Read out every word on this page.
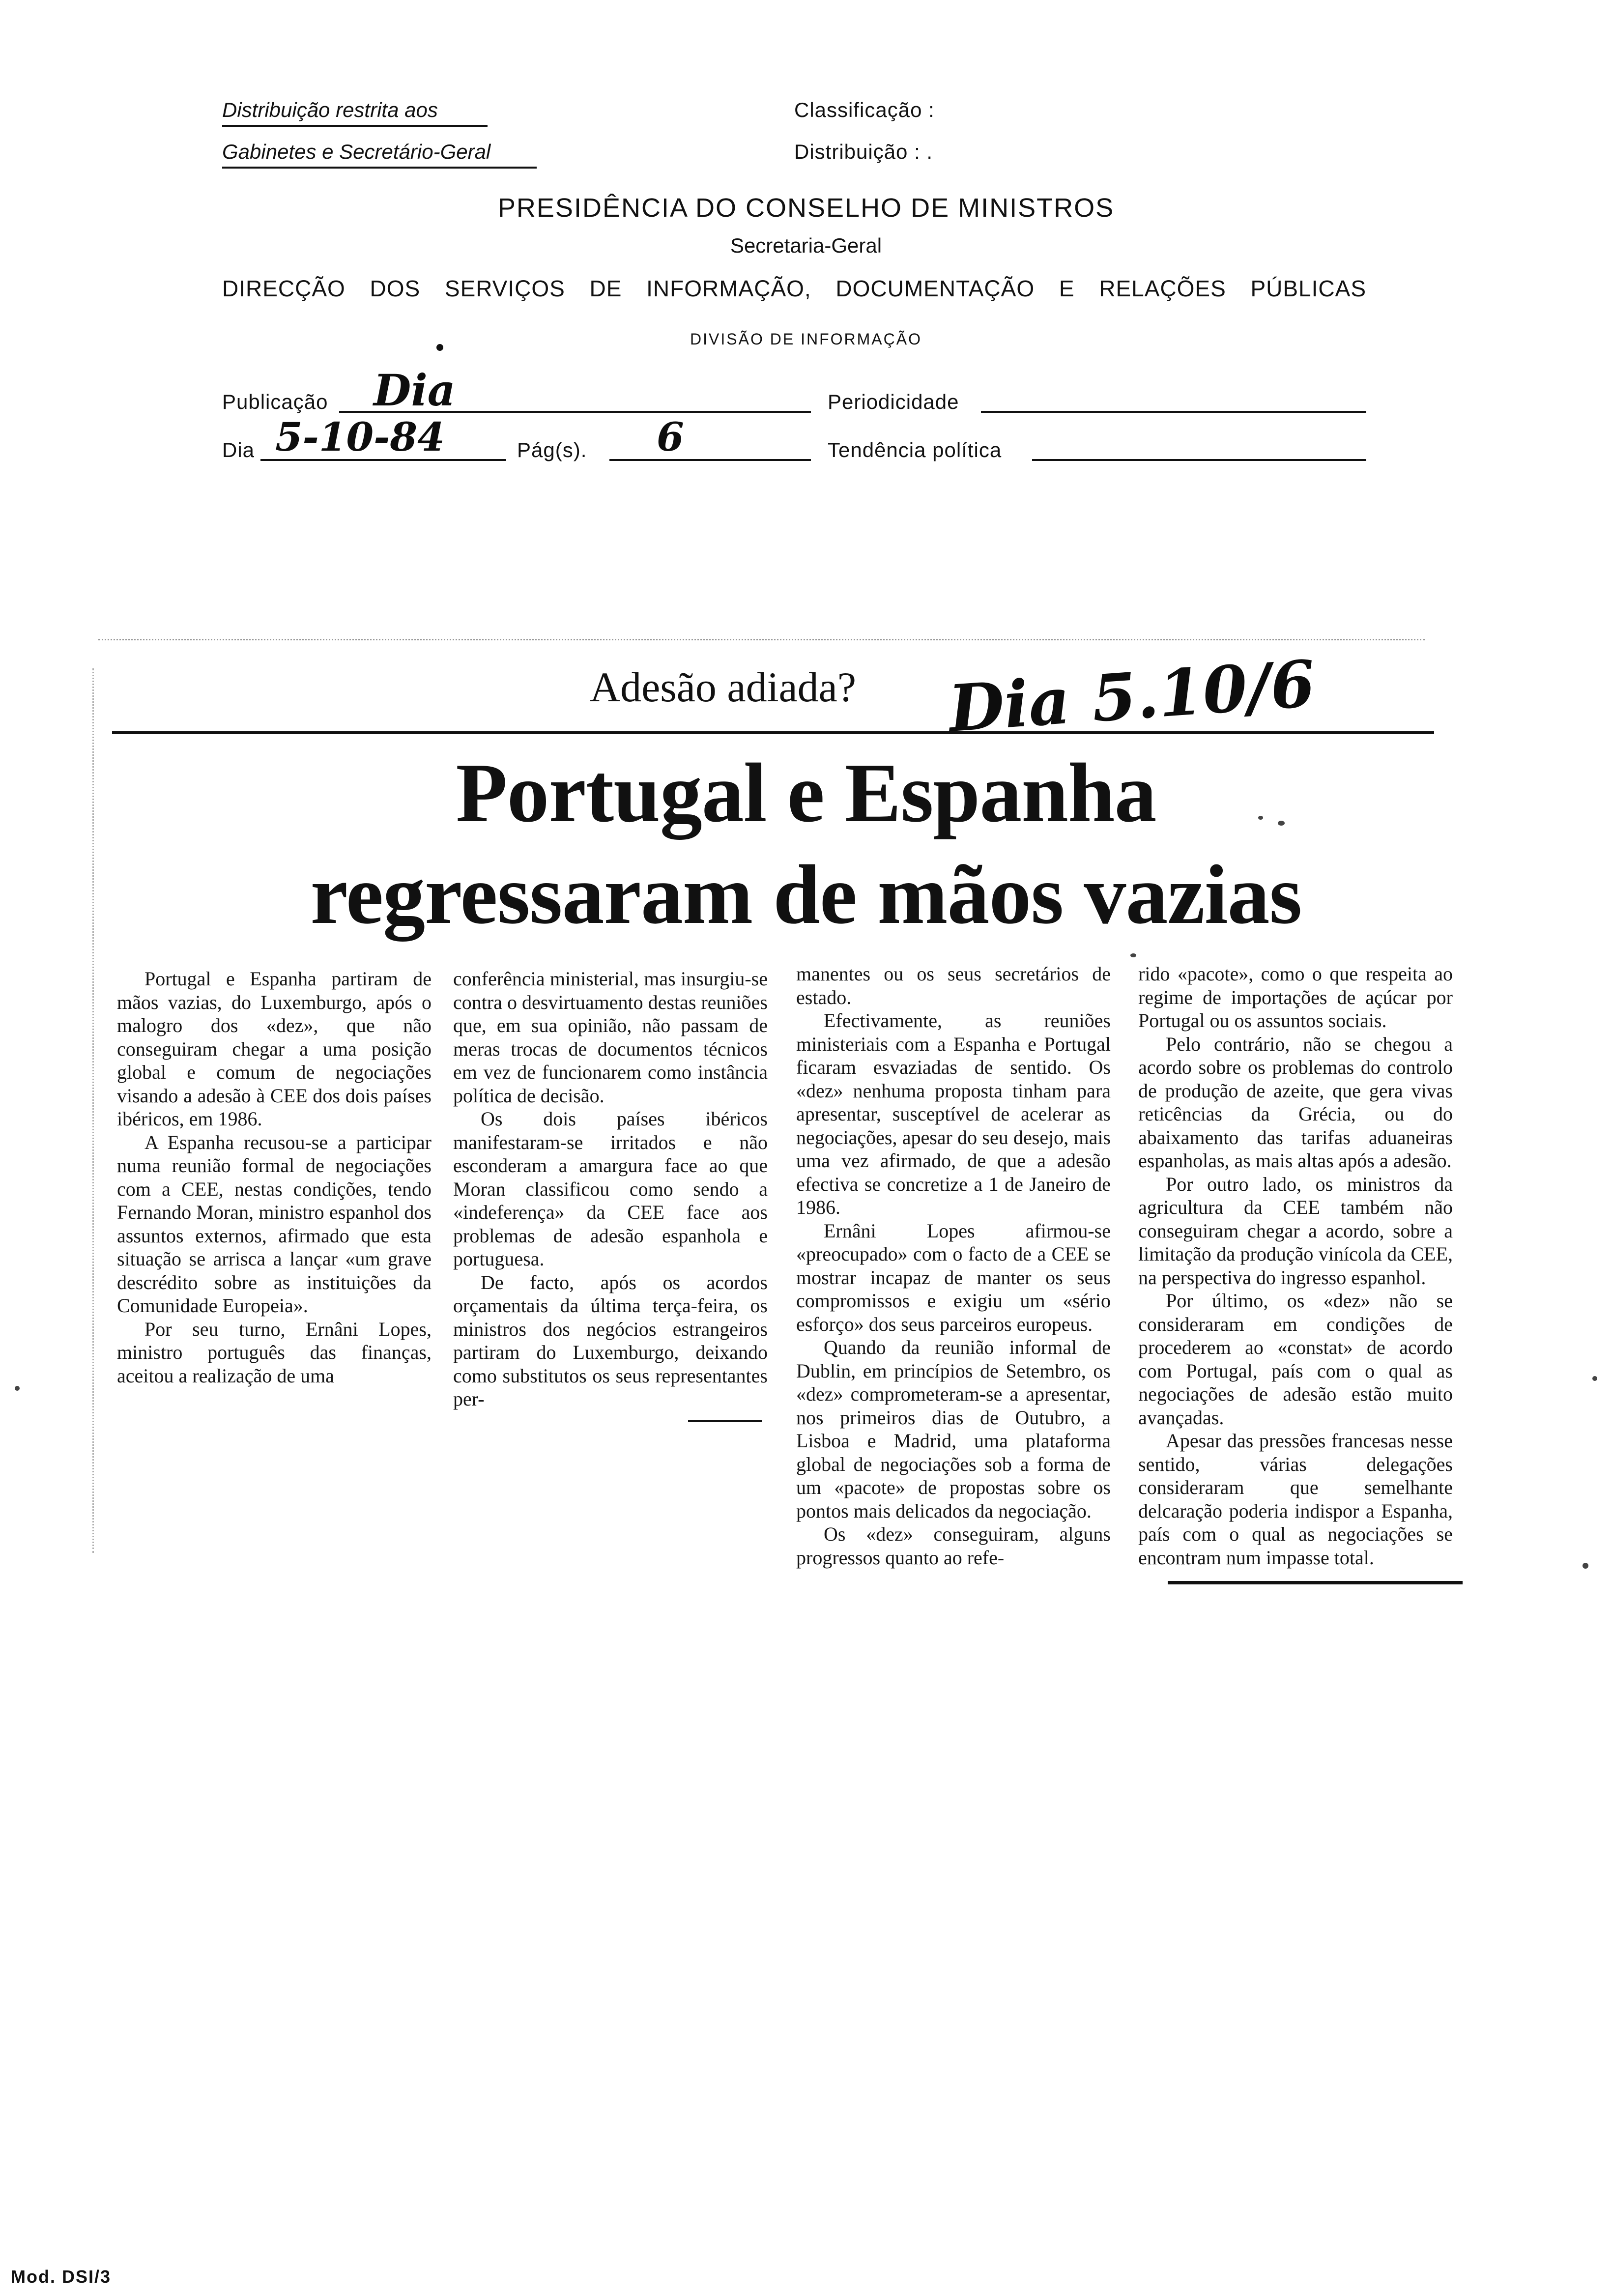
Distribuição restrita aos
Gabinetes e Secretário-Geral
Classificação :
Distribuição : .
PRESIDÊNCIA DO CONSELHO DE MINISTROS
Secretaria-Geral
DIRECÇÃO DOS SERVIÇOS DE INFORMAÇÃO, DOCUMENTAÇÃO E RELAÇÕES PÚBLICAS
DIVISÃO DE INFORMAÇÃO
Publicação Dia	Periodicidade
Dia 5-10-84	Pág(s). 6	Tendência política
Adesão adiada? Dia 5.10/6
Portugal e Espanha
regressaram de mãos vazias

Portugal e Espanha partiram de mãos vazias, do Luxemburgo, após o malogro dos «dez», que não conseguiram chegar a uma posição global e comum de negociações visando a adesão à CEE dos dois países ibéricos, em 1986.

A Espanha recusou-se a participar numa reunião formal de negociações com a CEE, nestas condições, tendo Fernando Moran, ministro espanhol dos assuntos externos, afirmado que esta situação se arrisca a lançar «um grave descrédito sobre as instituições da Comunidade Europeia».

Por seu turno, Ernâni Lopes, ministro português das finanças, aceitou a realização de uma

conferência ministerial, mas insurgiu-se contra o desvirtuamento destas reuniões que, em sua opinião, não passam de meras trocas de documentos técnicos em vez de funcionarem como instância política de decisão.

Os dois países ibéricos manifestaram-se irritados e não esconderam a amargura face ao que Moran classificou como sendo a «indeferença» da CEE face aos problemas de adesão espanhola e portuguesa.

De facto, após os acordos orçamentais da última terça-feira, os ministros dos negócios estrangeiros partiram do Luxemburgo, deixando como substitutos os seus representantes per-

manentes ou os seus secretários de estado.

Efectivamente, as reuniões ministeriais com a Espanha e Portugal ficaram esvaziadas de sentido. Os «dez» nenhuma proposta tinham para apresentar, susceptível de acelerar as negociações, apesar do seu desejo, mais uma vez afirmado, de que a adesão efectiva se concretize a 1 de Janeiro de 1986.

Ernâni Lopes afirmou-se «preocupado» com o facto de a CEE se mostrar incapaz de manter os seus compromissos e exigiu um «sério esforço» dos seus parceiros europeus.

Quando da reunião informal de Dublin, em princípios de Setembro, os «dez» comprometeram-se a apresentar, nos primeiros dias de Outubro, a Lisboa e Madrid, uma plataforma global de negociações sob a forma de um «pacote» de propostas sobre os pontos mais delicados da negociação.

Os «dez» conseguiram, alguns progressos quanto ao refe-

rido «pacote», como o que respeita ao regime de importações de açúcar por Portugal ou os assuntos sociais.

Pelo contrário, não se chegou a acordo sobre os problemas do controlo de produção de azeite, que gera vivas reticências da Grécia, ou do abaixamento das tarifas aduaneiras espanholas, as mais altas após a adesão.

Por outro lado, os ministros da agricultura da CEE também não conseguiram chegar a acordo, sobre a limitação da produção vinícola da CEE, na perspectiva do ingresso espanhol.

Por último, os «dez» não se consideraram em condições de procederem ao «constat» de acordo com Portugal, país com o qual as negociações de adesão estão muito avançadas.

Apesar das pressões francesas nesse sentido, várias delegações consideraram que semelhante delcaração poderia indispor a Espanha, país com o qual as negociações se encontram num impasse total.

Mod. DSI/3
